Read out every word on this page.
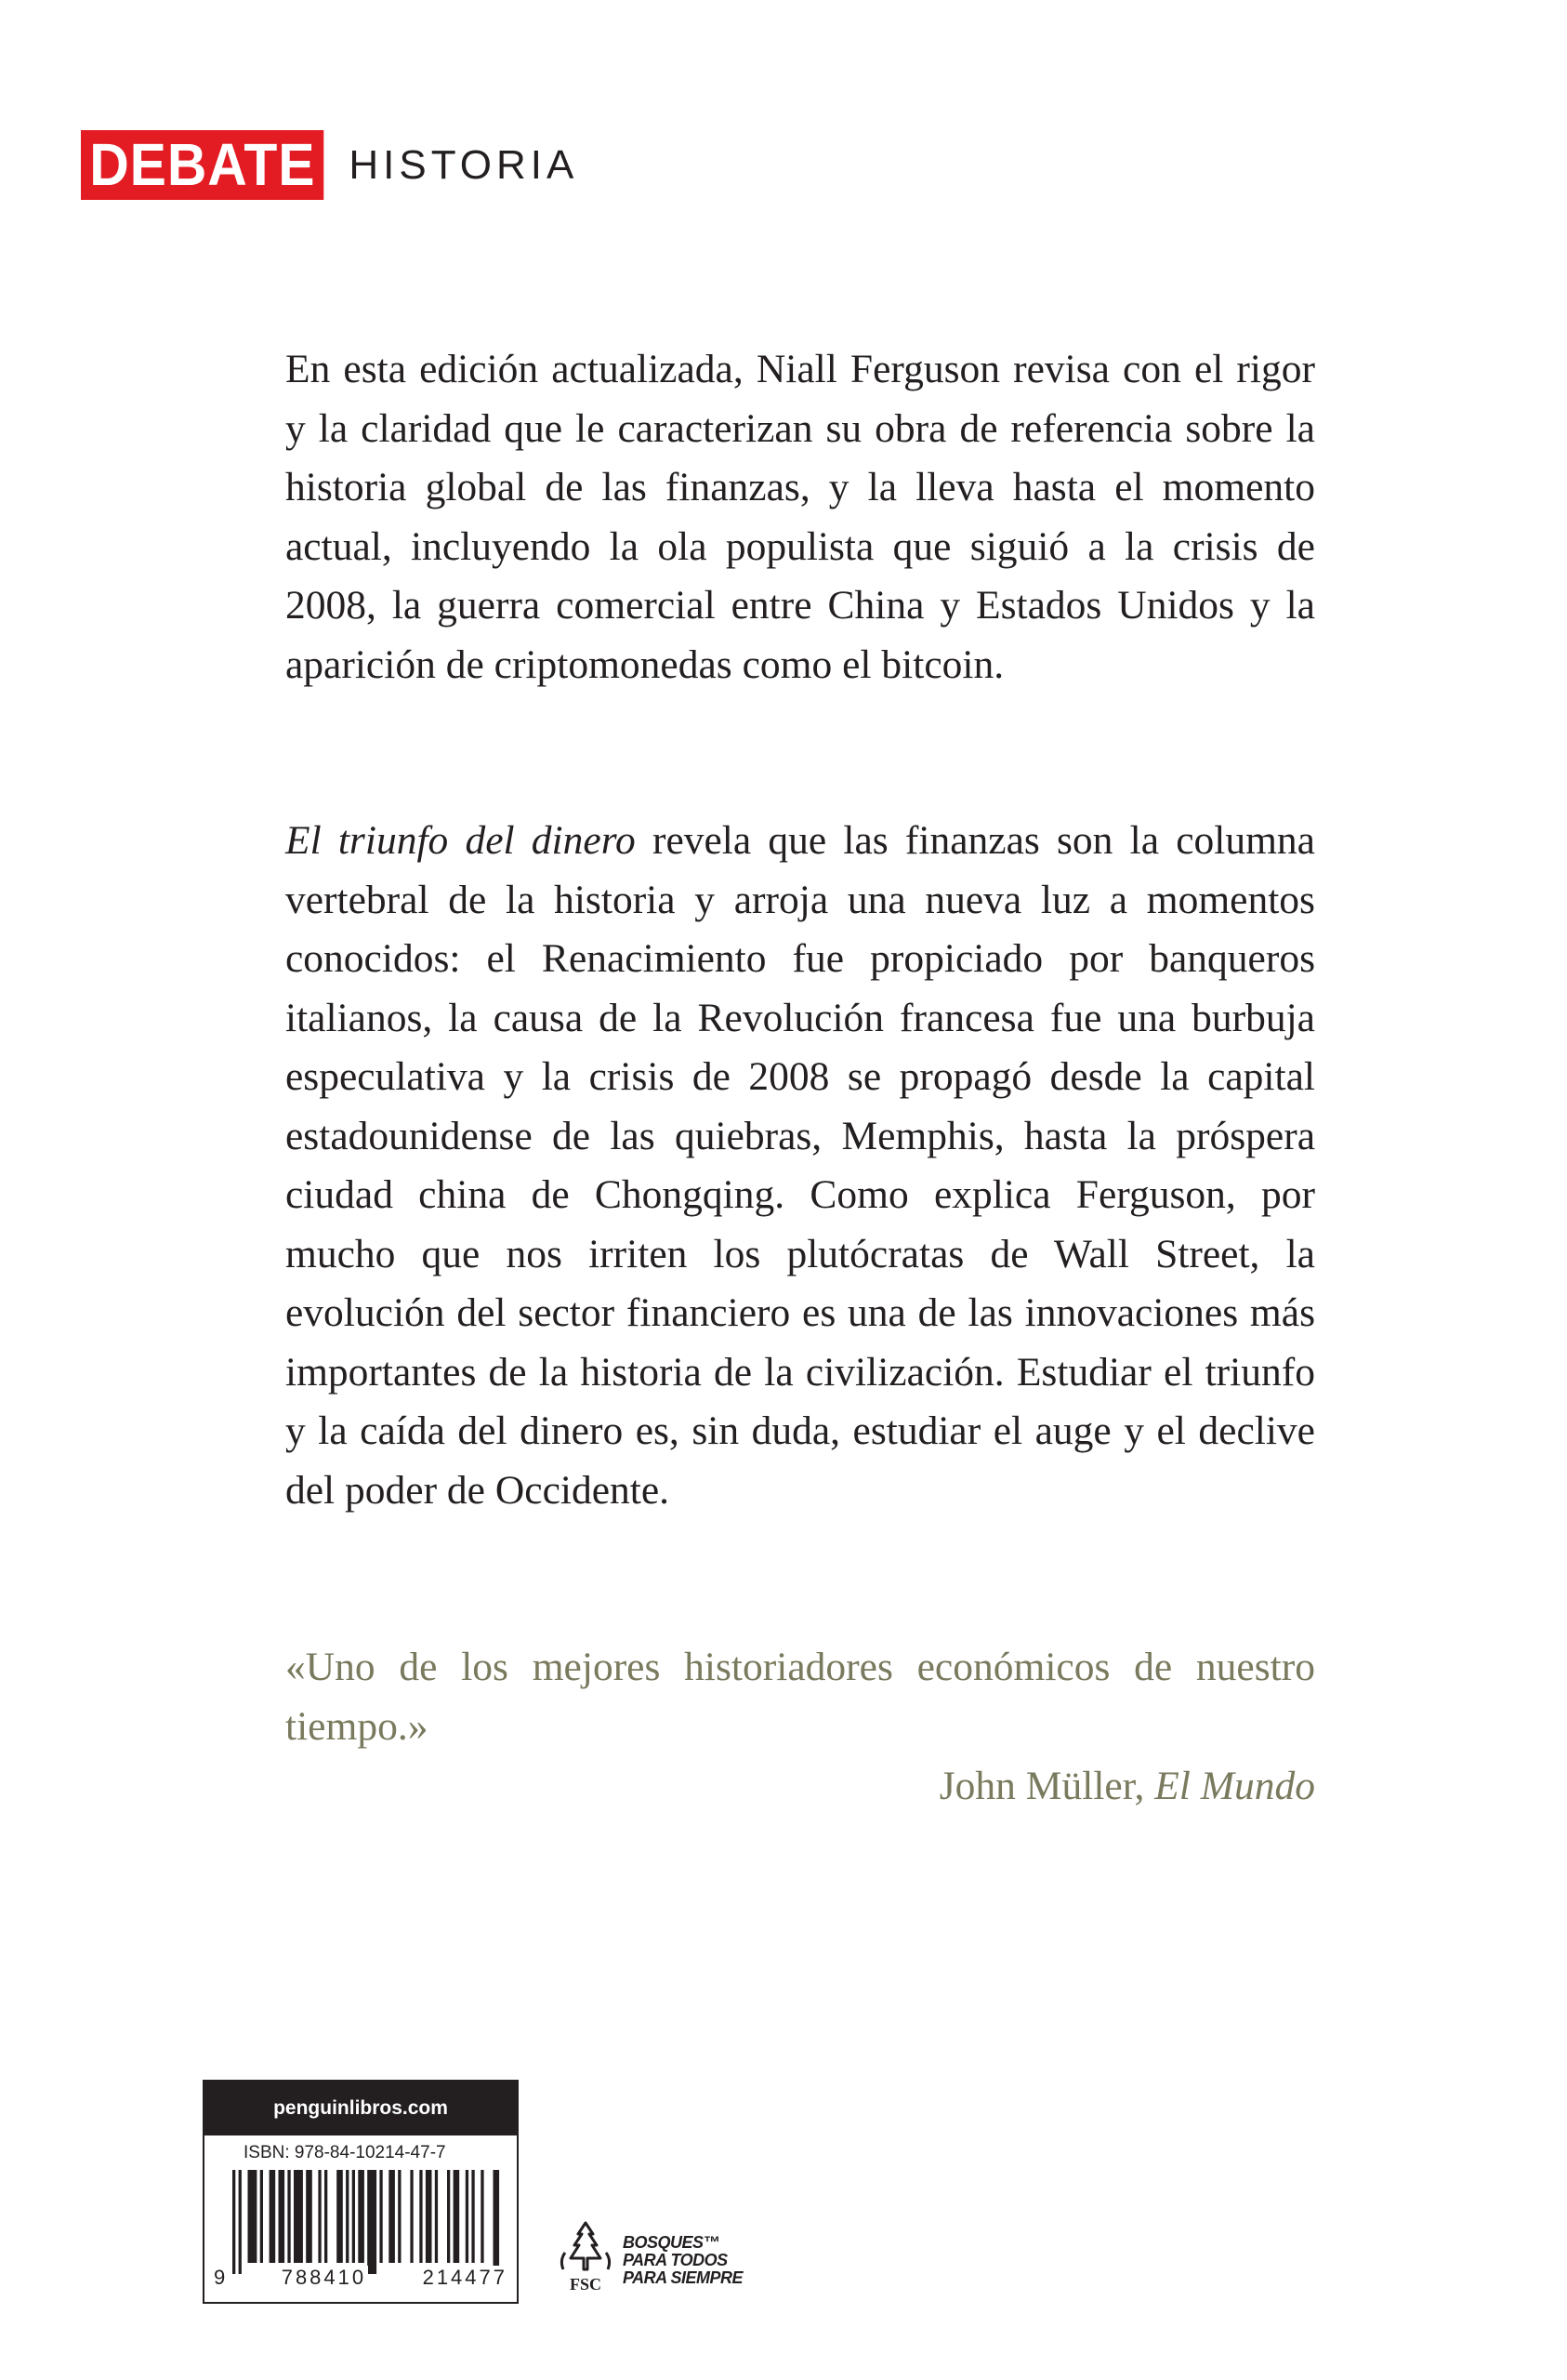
DEBATE HISTORIA

En esta edición actualizada, Niall Ferguson revisa con el rigor y la claridad que le caracterizan su obra de referencia sobre la historia global de las finanzas, y la lleva hasta el momento actual, incluyendo la ola populista que siguió a la crisis de 2008, la guerra comercial entre China y Estados Unidos y la aparición de criptomonedas como el bitcoin.

El triunfo del dinero revela que las finanzas son la columna vertebral de la historia y arroja una nueva luz a momentos conocidos: el Renacimiento fue propiciado por banqueros italianos, la causa de la Revolución francesa fue una burbuja especulativa y la crisis de 2008 se propagó desde la capital estadounidense de las quiebras, Memphis, hasta la próspera ciudad china de Chongqing. Como explica Ferguson, por mucho que nos irriten los plutócratas de Wall Street, la evolución del sector financiero es una de las innovaciones más importantes de la historia de la civilización. Estudiar el triunfo y la caída del dinero es, sin duda, estudiar el auge y el declive del poder de Occidente.

«Uno de los mejores historiadores económicos de nuestro tiempo.»

John Müller, El Mundo
penguinlibros.com
ISBN: 978-84-10214-47-7
9	788410	214477	FSC
BOSQUES™
PARA TODOS
PARA SIEMPRE
